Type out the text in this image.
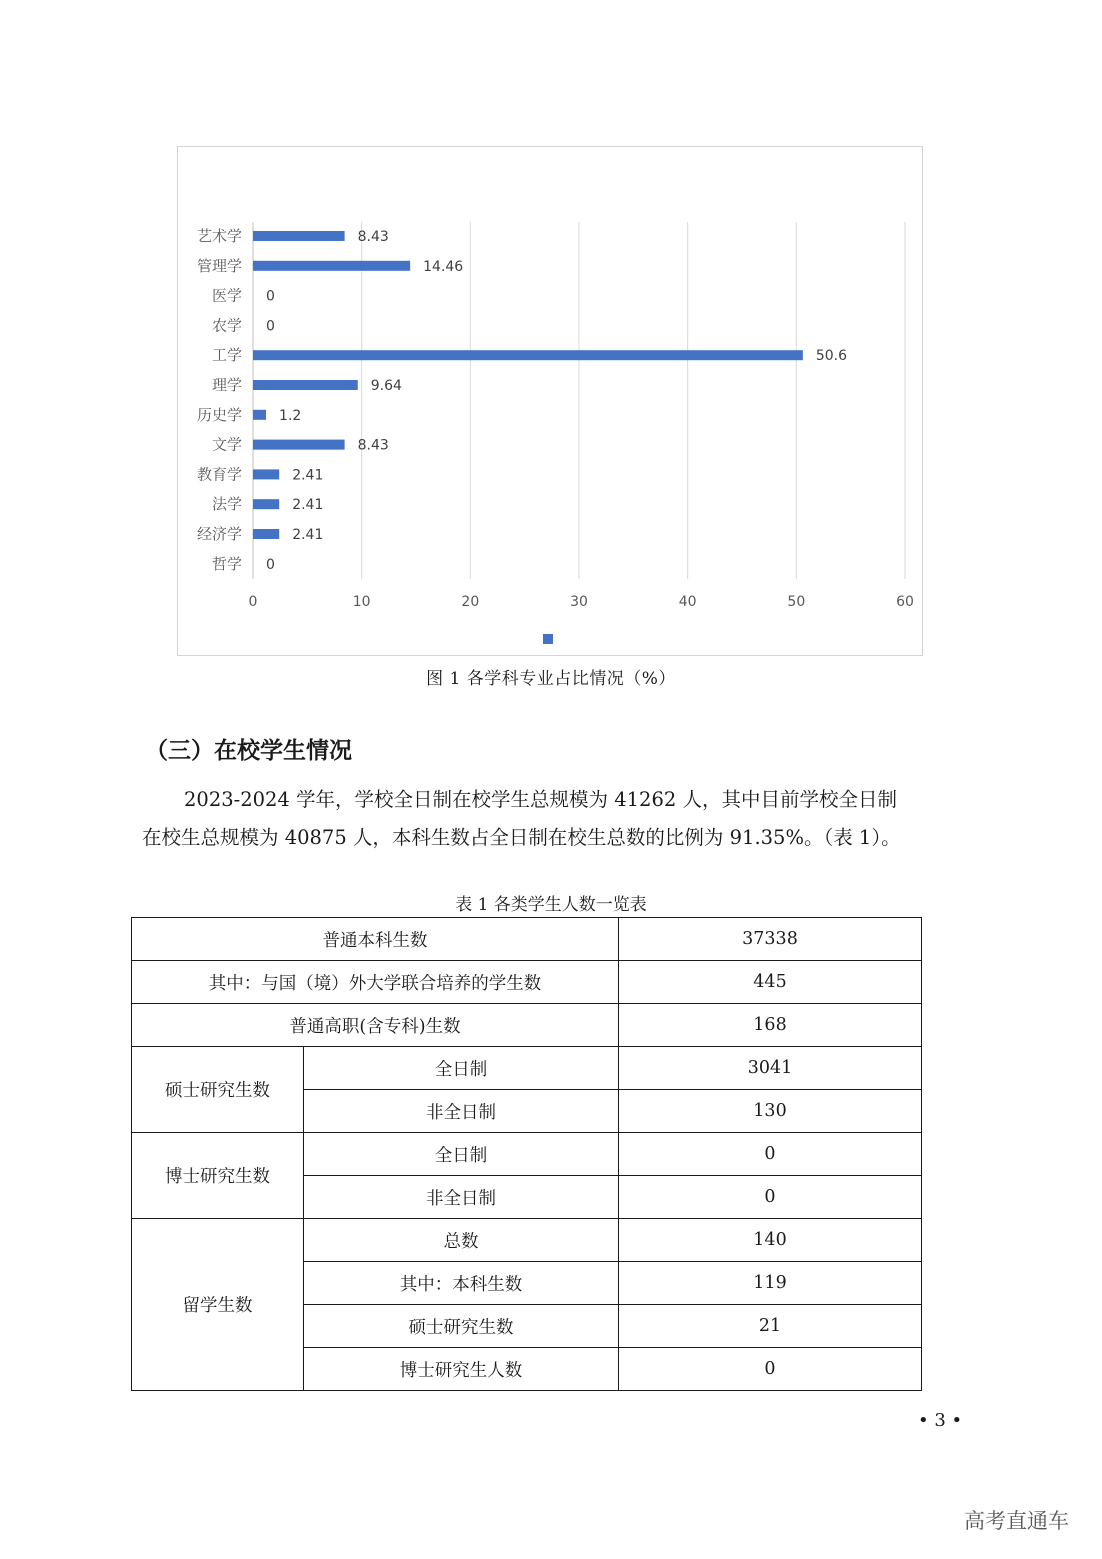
0	10	20	30	40	50	60
艺术学	8.43
管理学	14.46
医学 0
农学 0
工学	50.6
理学	9.64
历史学	1.2
文学	8.43
教育学	2.41
法学	2.41
经济学	2.41
哲学 0
图 1 各学科专业占比情况（%）
（三）在校学生情况
2023-2024 学年，学校全日制在校学生总规模为 41262 人，其中目前学校全日制
在校生总规模为 40875 人，本科生数占全日制在校生总数的比例为 91.35%。（表 1）。
表 1 各类学生人数一览表
普通本科生数		37338
其中：与国（境）外大学联合培养的学生数		445
普通高职(含专科)生数		168
硕士研究生数	全日制	3041
	非全日制	130
博士研究生数	全日制	0
	非全日制	0
留学生数	总数	140
	其中：本科生数	119
	硕士研究生数	21
	博士研究生人数	0
• 3 •
高考直通车
